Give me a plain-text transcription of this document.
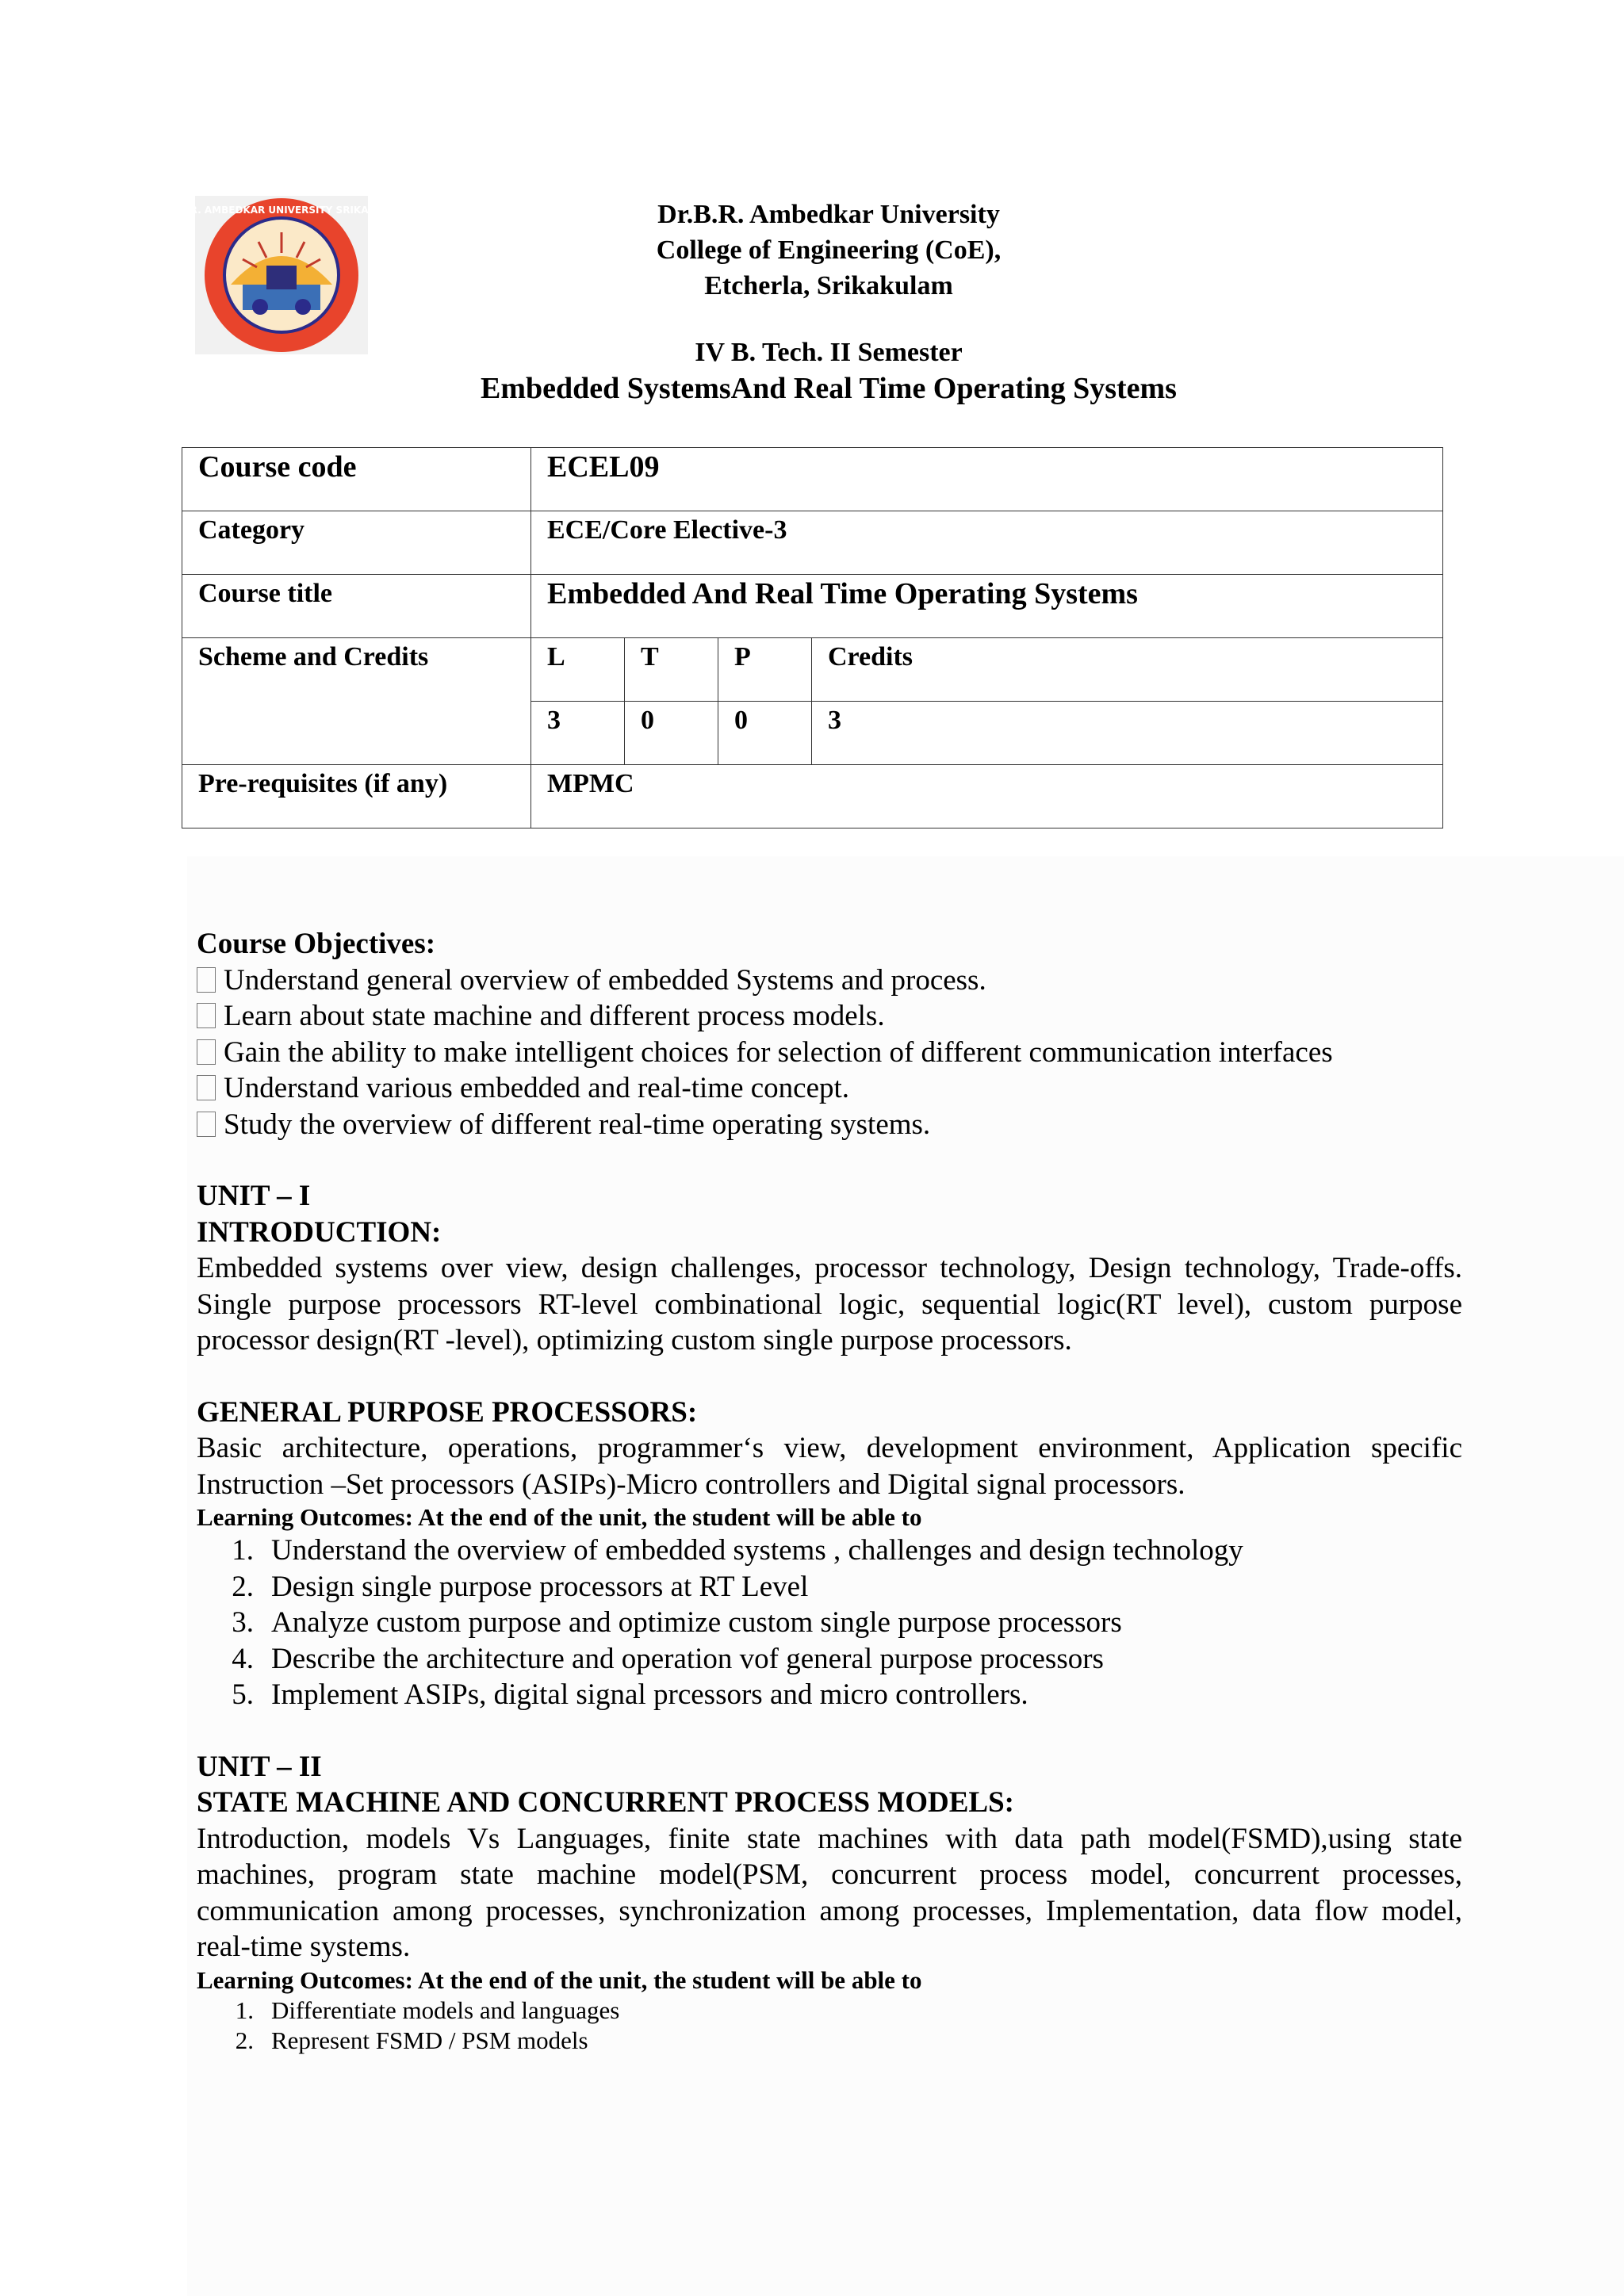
DR. B.R. AMBEDKAR UNIVERSITY SRIKAKULAM	Dr.B.R. Ambedkar University
College of Engineering (CoE),
Etcherla, Srikakulam
IV B. Tech. II Semester
Embedded SystemsAnd Real Time Operating Systems
Course code	ECEL09			
Category	ECE/Core Elective-3			
Course title	Embedded And Real Time Operating Systems			
Scheme and Credits	L	T	P	Credits
	3	0	0	3
Pre-requisites (if any)	MPMC			

Course Objectives:

Understand general overview of embedded Systems and process.
Learn about state machine and different process models.
Gain the ability to make intelligent choices for selection of different communication interfaces
Understand various embedded and real-time concept.
Study the overview of different real-time operating systems.

UNIT – I

INTRODUCTION:

Embedded systems over view, design challenges, processor technology, Design technology, Trade-offs. Single purpose processors RT-level combinational logic, sequential logic(RT level), custom purpose processor design(RT -level), optimizing custom single purpose processors.

GENERAL PURPOSE PROCESSORS:

Basic architecture, operations, programmer‘s view, development environment, Application specific Instruction –Set processors (ASIPs)-Micro controllers and Digital signal processors.

Learning Outcomes: At the end of the unit, the student will be able to

1. Understand the overview of embedded systems , challenges and design technology
2. Design single purpose processors at RT Level
3. Analyze custom purpose and optimize custom single purpose processors
4. Describe the architecture and operation vof general purpose processors
5. Implement ASIPs, digital signal prcessors and micro controllers.

UNIT – II

STATE MACHINE AND CONCURRENT PROCESS MODELS:

Introduction, models Vs Languages, finite state machines with data path model(FSMD),using state machines, program state machine model(PSM, concurrent process model, concurrent processes, communication among processes, synchronization among processes, Implementation, data flow model, real-time systems.

Learning Outcomes: At the end of the unit, the student will be able to

1. Differentiate models and languages
2. Represent FSMD / PSM models
